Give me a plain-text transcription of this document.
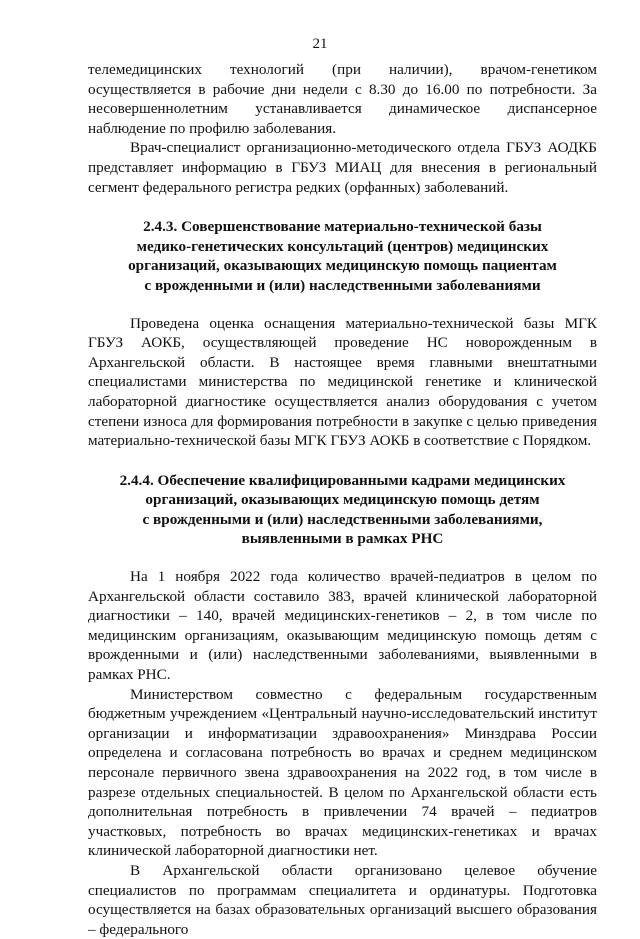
21

телемедицинских технологий (при наличии), врачом-генетиком осуществляется в рабочие дни недели с 8.30 до 16.00 по потребности. За несовершеннолетним устанавливается динамическое диспансерное наблюдение по профилю заболевания.

Врач-специалист организационно-методического отдела ГБУЗ АОДКБ представляет информацию в ГБУЗ МИАЦ для внесения в региональный сегмент федерального регистра редких (орфанных) заболеваний.

2.4.3. Совершенствование материально-технической базы
медико-генетических консультаций (центров) медицинских
организаций, оказывающих медицинскую помощь пациентам
с врожденными и (или) наследственными заболеваниями

Проведена оценка оснащения материально-технической базы МГК ГБУЗ АОКБ, осуществляющей проведение НС новорожденным в Архангельской области. В настоящее время главными внештатными специалистами министерства по медицинской генетике и клинической лабораторной диагностике осуществляется анализ оборудования с учетом степени износа для формирования потребности в закупке с целью приведения материально-технической базы МГК ГБУЗ АОКБ в соответствие с Порядком.

2.4.4. Обеспечение квалифицированными кадрами медицинских
организаций, оказывающих медицинскую помощь детям
с врожденными и (или) наследственными заболеваниями,
выявленными в рамках РНС

На 1 ноября 2022 года количество врачей-педиатров в целом по Архангельской области составило 383, врачей клинической лабораторной диагностики – 140, врачей медицинских-генетиков – 2, в том числе по медицинским организациям, оказывающим медицинскую помощь детям с врожденными и (или) наследственными заболеваниями, выявленными в рамках РНС.

Министерством совместно с федеральным государственным бюджетным учреждением «Центральный научно-исследовательский институт организации и информатизации здравоохранения» Минздрава России определена и согласована потребность во врачах и среднем медицинском персонале первичного звена здравоохранения на 2022 год, в том числе в разрезе отдельных специальностей. В целом по Архангельской области есть дополнительная потребность в привлечении 74 врачей – педиатров участковых, потребность во врачах медицинских-генетиках и врачах клинической лабораторной диагностики нет.

В Архангельской области организовано целевое обучение специалистов по программам специалитета и ординатуры. Подготовка осуществляется на базах образовательных организаций высшего образования – федерального
